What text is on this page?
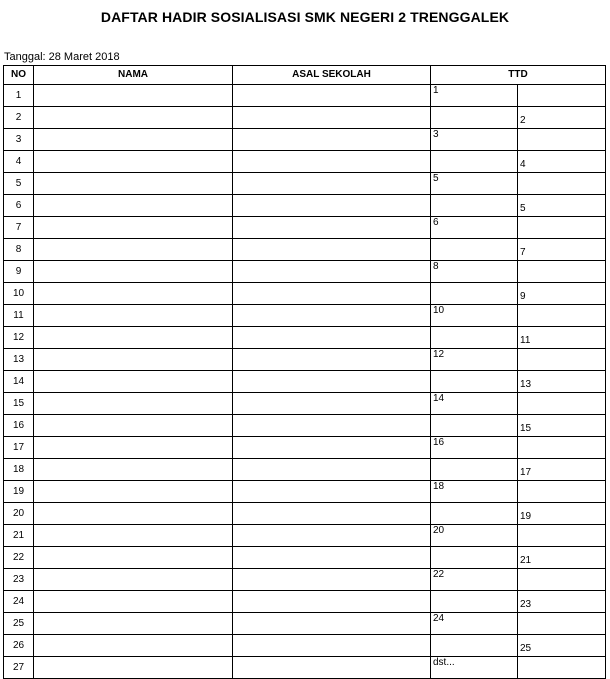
DAFTAR HADIR SOSIALISASI SMK NEGERI 2 TRENGGALEK
Tanggal: 28 Maret 2018
NO	NAMA	ASAL SEKOLAH	TTD	
1			1	
2				2
3			3	
4				4
5			5	
6				5
7			6	
8				7
9			8	
10				9
11			10	
12				11
13			12	
14				13
15			14	
16				15
17			16	
18				17
19			18	
20				19
21			20	
22				21
23			22	
24				23
25			24	
26				25
27			dst...	
